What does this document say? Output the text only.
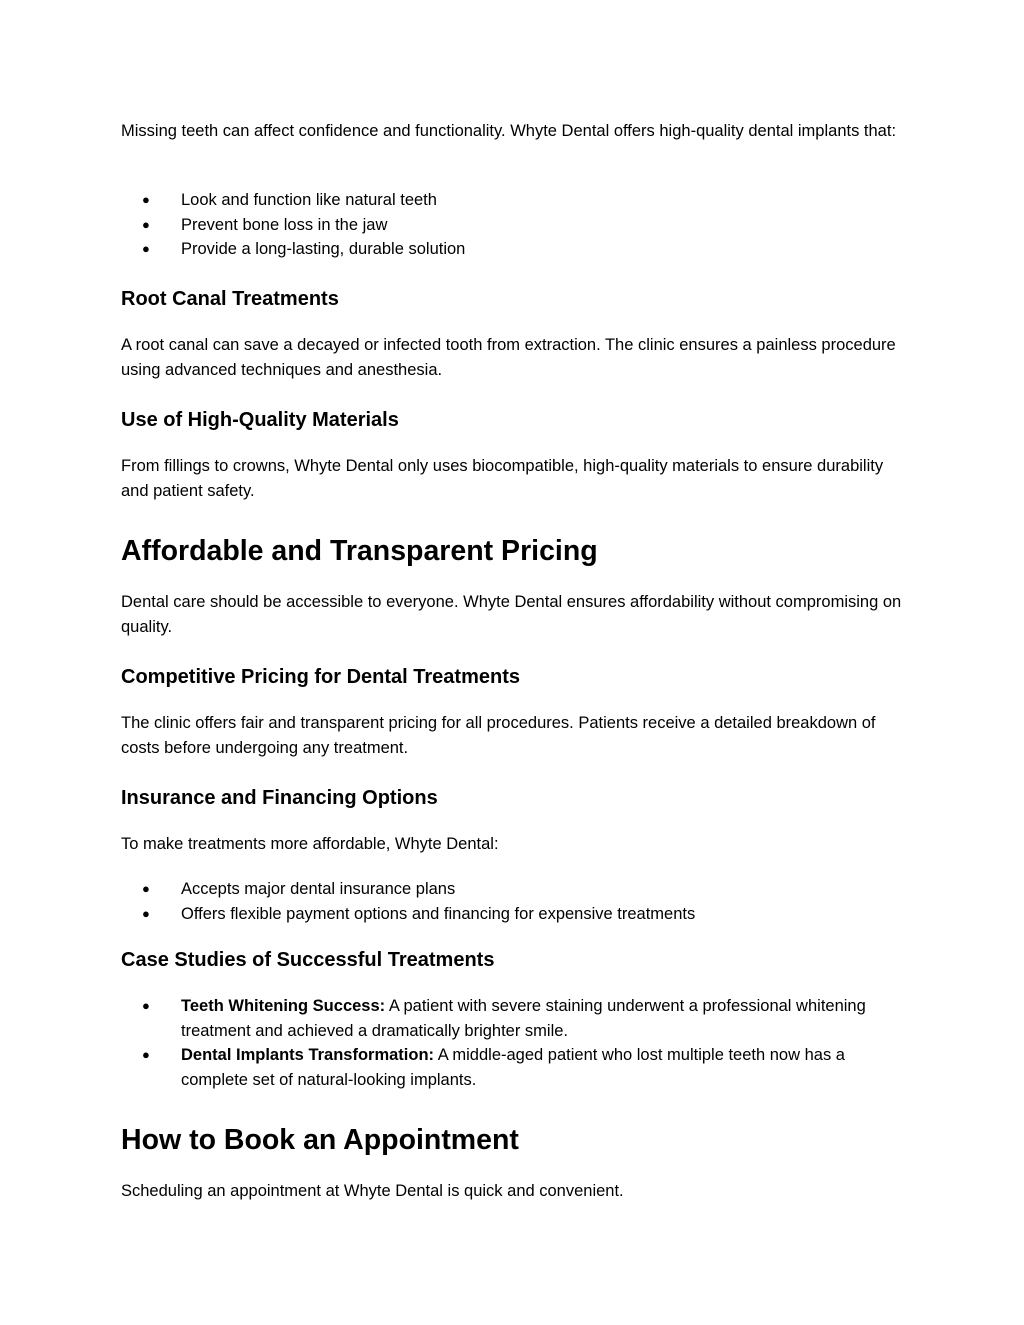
Missing teeth can affect confidence and functionality. Whyte Dental offers high-quality dental implants that:

● Look and function like natural teeth
● Prevent bone loss in the jaw
● Provide a long-lasting, durable solution
Root Canal Treatments

A root canal can save a decayed or infected tooth from extraction. The clinic ensures a painless procedure using advanced techniques and anesthesia.

Use of High-Quality Materials

From fillings to crowns, Whyte Dental only uses biocompatible, high-quality materials to ensure durability and patient safety.

Affordable and Transparent Pricing

Dental care should be accessible to everyone. Whyte Dental ensures affordability without compromising on quality.

Competitive Pricing for Dental Treatments

The clinic offers fair and transparent pricing for all procedures. Patients receive a detailed breakdown of costs before undergoing any treatment.

Insurance and Financing Options

To make treatments more affordable, Whyte Dental:

● Accepts major dental insurance plans
● Offers flexible payment options and financing for expensive treatments
Case Studies of Successful Treatments
● Teeth Whitening Success: A patient with severe staining underwent a professional whitening treatment and achieved a dramatically brighter smile.
● Dental Implants Transformation: A middle-aged patient who lost multiple teeth now has a complete set of natural-looking implants.
How to Book an Appointment

Scheduling an appointment at Whyte Dental is quick and convenient.
